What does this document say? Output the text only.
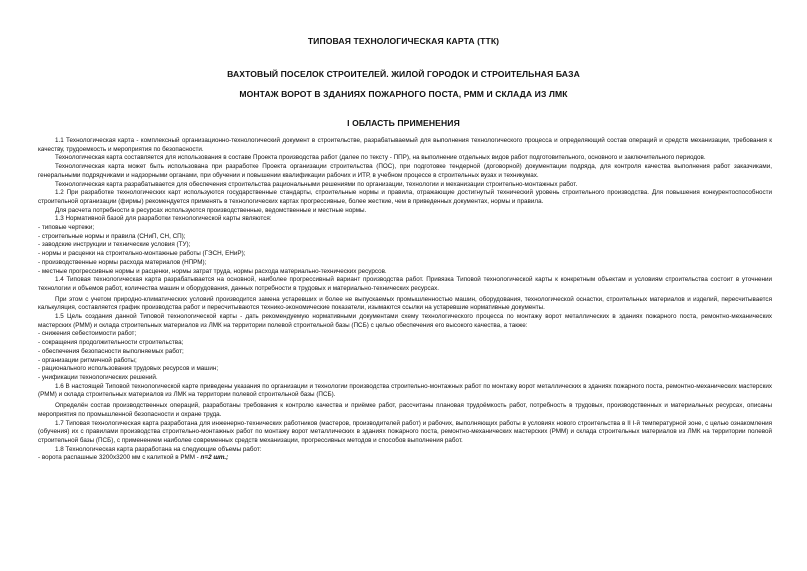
ТИПОВАЯ ТЕХНОЛОГИЧЕСКАЯ КАРТА (ТТК)
ВАХТОВЫЙ ПОСЕЛОК СТРОИТЕЛЕЙ. ЖИЛОЙ ГОРОДОК И СТРОИТЕЛЬНАЯ БАЗА
МОНТАЖ ВОРОТ В ЗДАНИЯХ ПОЖАРНОГО ПОСТА, РММ И СКЛАДА ИЗ ЛМК
I ОБЛАСТЬ ПРИМЕНЕНИЯ

1.1 Технологическая карта - комплексный организационно-технологический документ в строительстве, разрабатываемый для выполнения технологического процесса и определяющий состав операций и средств механизации, требования к качеству, трудоемкость и мероприятия по безопасности.

Технологическая карта составляется для использования в составе Проекта производства работ (далее по тексту - ППР), на выполнение отдельных видов работ подготовительного, основного и заключительного периодов.

Технологическая карта может быть использована при разработке Проекта организации строительства (ПОС), при подготовке тендерной (договорной) документации подряда, для контроля качества выполнения работ заказчиками, генеральными подрядчиками и надзорными органами, при обучении и повышении квалификации рабочих и ИТР, в учебном процессе в строительных вузах и техникумах.

Технологическая карта разрабатывается для обеспечения строительства рациональными решениями по организации, технологии и механизации строительно-монтажных работ.

1.2 При разработке технологических карт используются государственные стандарты, строительные нормы и правила, отражающие достигнутый технический уровень строительного производства. Для повышения конкурентоспособности строительной организации (фирмы) рекомендуется применять в технологических картах прогрессивные, более жесткие, чем в приведенных документах, нормы и правила.

Для расчета потребности в ресурсах используются производственные, ведомственные и местные нормы.

1.3 Нормативной базой для разработки технологической карты являются:

- типовые чертежи;

- строительные нормы и правила (СНиП, СН, СП);

- заводские инструкции и технические условия (ТУ);

- нормы и расценки на строительно-монтажные работы (ГЭСН, ЕНиР);

- производственные нормы расхода материалов (НПРМ);

- местные прогрессивные нормы и расценки, нормы затрат труда, нормы расхода материально-технических ресурсов.

1.4 Типовая технологическая карта разрабатывается на основной, наиболее прогрессивный вариант производства работ. Привязка Типовой технологической карты к конкретным объектам и условиям строительства состоит в уточнении технологии и объемов работ, количества машин и оборудования, данных потребности в трудовых и материально-технических ресурсах.

При этом с учетом природно-климатических условий производится замена устаревших и более не выпускаемых промышленностью машин, оборудования, технологической оснастки, строительных материалов и изделий, пересчитывается калькуляция, составляется график производства работ и пересчитываются технико-экономические показатели, изымаются ссылки на устаревшие нормативные документы.

1.5 Цель создания данной Типовой технологической карты - дать рекомендуемую нормативными документами схему технологического процесса по монтажу ворот металлических в зданиях пожарного поста, ремонтно-механических мастерских (РММ) и склада строительных материалов из ЛМК на территории полевой строительной базы (ПСБ) с целью обеспечения его высокого качества, а также:

- снижения себестоимости работ;

- сокращения продолжительности строительства;

- обеспечения безопасности выполняемых работ;

- организации ритмичной работы;

- рационального использования трудовых ресурсов и машин;

- унификации технологических решений.

1.6 В настоящей Типовой технологической карте приведены указания по организации и технологии производства строительно-монтажных работ по монтажу ворот металлических в зданиях пожарного поста, ремонтно-механических мастерских (РММ) и склада строительных материалов из ЛМК на территории полевой строительной базы (ПСБ).

Определён состав производственных операций, разработаны требования к контролю качества и приёмке работ, рассчитаны плановая трудоёмкость работ, потребность в трудовых, производственных и материальных ресурсах, описаны мероприятия по промышленной безопасности и охране труда.

1.7 Типовая технологическая карта разработана для инженерно-технических работников (мастеров, производителей работ) и рабочих, выполняющих работы в условиях нового строительства в II I-й температурной зоне, с целью ознакомления (обучения) их с правилами производства строительно-монтажных работ по монтажу ворот металлических в зданиях пожарного поста, ремонтно-механических мастерских (РММ) и склада строительных материалов из ЛМК на территории полевой строительной базы (ПСБ), с применением наиболее современных средств механизации, прогрессивных методов и способов выполнения работ.

1.8 Технологическая карта разработана на следующие объемы работ:

- ворота распашные 3200x3200 мм с калиткой в РММ - n=2 шт.;
